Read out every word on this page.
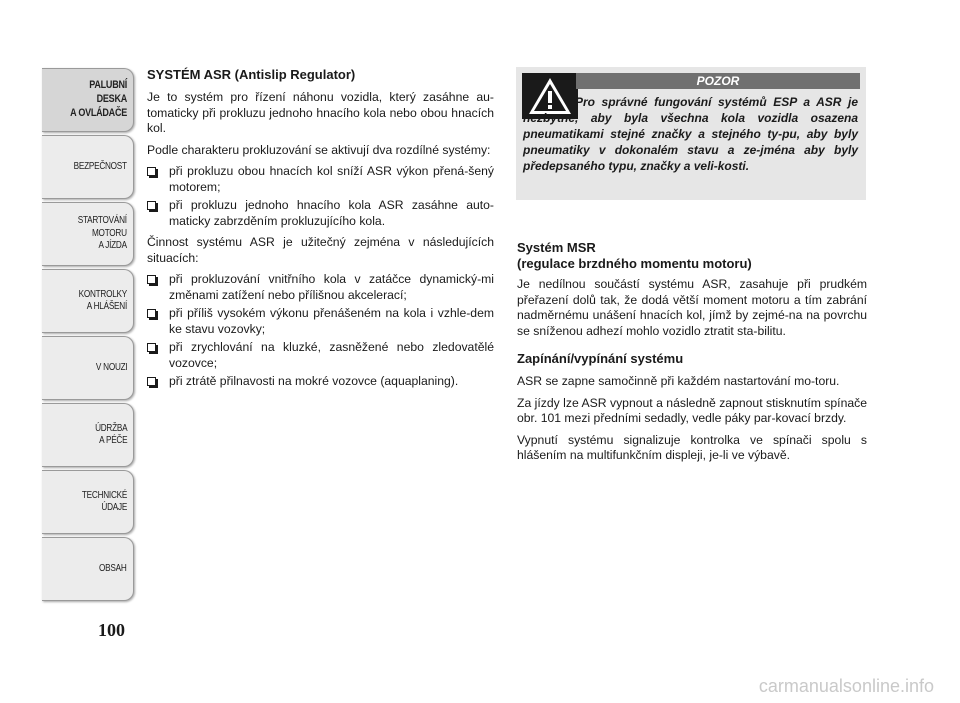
PALUBNÍ DESKA
A OVLÁDAČE
BEZPEČNOST
STARTOVÁNÍ
MOTORU
A JÍZDA
KONTROLKY
A HLÁŠENÍ
V NOUZI
ÚDRŽBA
A PÉČE
TECHNICKÉ
ÚDAJE
OBSAH
100
SYSTÉM ASR (Antislip Regulator)

Je to systém pro řízení náhonu vozidla, který zasáhne au-tomaticky při prokluzu jednoho hnacího kola nebo obou hnacích kol.

Podle charakteru prokluzování se aktivují dva rozdílné systémy:

při prokluzu obou hnacích kol sníží ASR výkon přená-šený motorem;
při prokluzu jednoho hnacího kola ASR zasáhne auto-maticky zabrzděním prokluzujícího kola.

Činnost systému ASR je užitečný zejména v následujících situacích:

při prokluzování vnitřního kola v zatáčce dynamický-mi změnami zatížení nebo přílišnou akcelerací;
při příliš vysokém výkonu přenášeném na kola i vzhle-dem ke stavu vozovky;
při zrychlování na kluzké, zasněžené nebo zledovatělé vozovce;
při ztrátě přilnavosti na mokré vozovce (aquaplaning).
POZOR
Pro správné fungování systémů ESP a ASR je nezbytné, aby byla všechna kola vozidla osazena pneumatikami stejné značky a stejného ty-pu, aby byly pneumatiky v dokonalém stavu a ze-jména aby byly předepsaného typu, značky a veli-kosti.
Systém MSR
(regulace brzdného momentu motoru)

Je nedílnou součástí systému ASR, zasahuje při prudkém přeřazení dolů tak, že dodá větší moment motoru a tím zabrání nadměrnému unášení hnacích kol, jímž by zejmé-na na povrchu se sníženou adhezí mohlo vozidlo ztratit sta-bilitu.

Zapínání/vypínání systému

ASR se zapne samočinně při každém nastartování mo-toru.

Za jízdy lze ASR vypnout a následně zapnout stisknutím spínače obr. 101 mezi předními sedadly, vedle páky par-kovací brzdy.

Vypnutí systému signalizuje kontrolka ve spínači spolu s hlášením na multifunkčním displeji, je-li ve výbavě.

carmanualsonline.info
